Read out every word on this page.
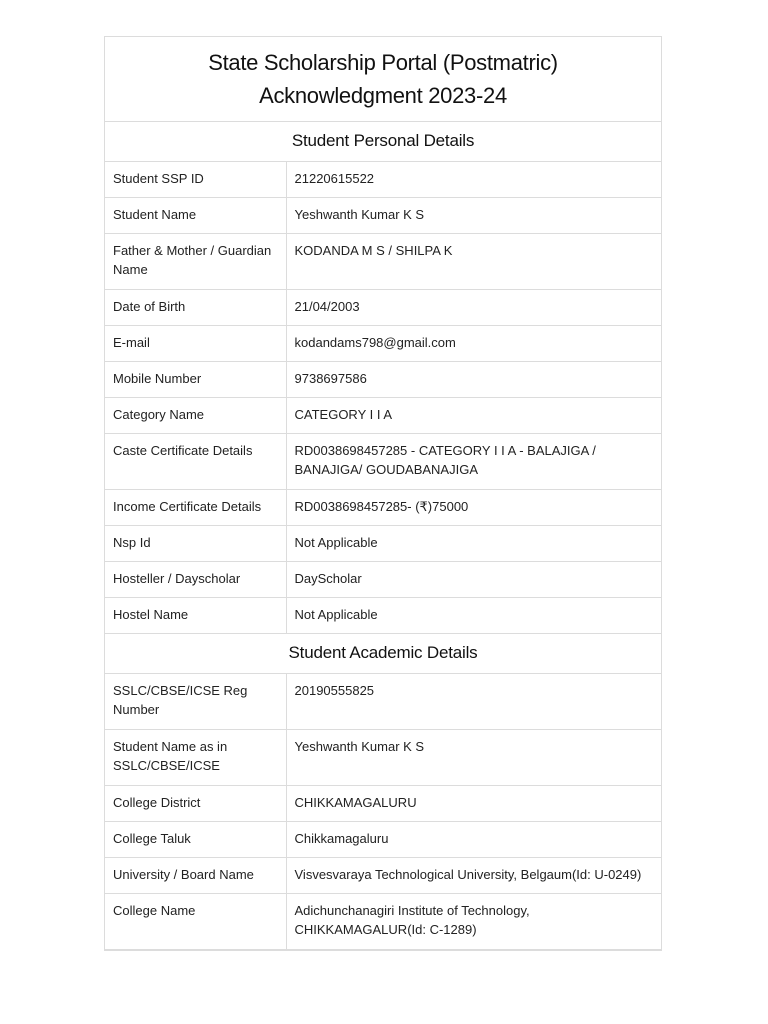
State Scholarship Portal (Postmatric)
Acknowledgment 2023-24	

Student Personal Details	
Student SSP ID	21220615522
Student Name	Yeshwanth Kumar K S
Father & Mother / Guardian Name	KODANDA M S / SHILPA K
Date of Birth	21/04/2003
E-mail	kodandams798@gmail.com
Mobile Number	9738697586
Category Name	CATEGORY I I A
Caste Certificate Details	RD0038698457285 - CATEGORY I I A - BALAJIGA / BANAJIGA/ GOUDABANAJIGA
Income Certificate Details	RD0038698457285- (₹)75000
Nsp Id	Not Applicable
Hosteller / Dayscholar	DayScholar
Hostel Name	Not Applicable
Student Academic Details	
SSLC/CBSE/ICSE Reg Number	20190555825
Student Name as in SSLC/CBSE/ICSE	Yeshwanth Kumar K S
College District	CHIKKAMAGALURU
College Taluk	Chikkamagaluru
University / Board Name	Visvesvaraya Technological University, Belgaum(Id: U-0249)
College Name	Adichunchanagiri Institute of Technology, CHIKKAMAGALUR(Id: C-1289)
